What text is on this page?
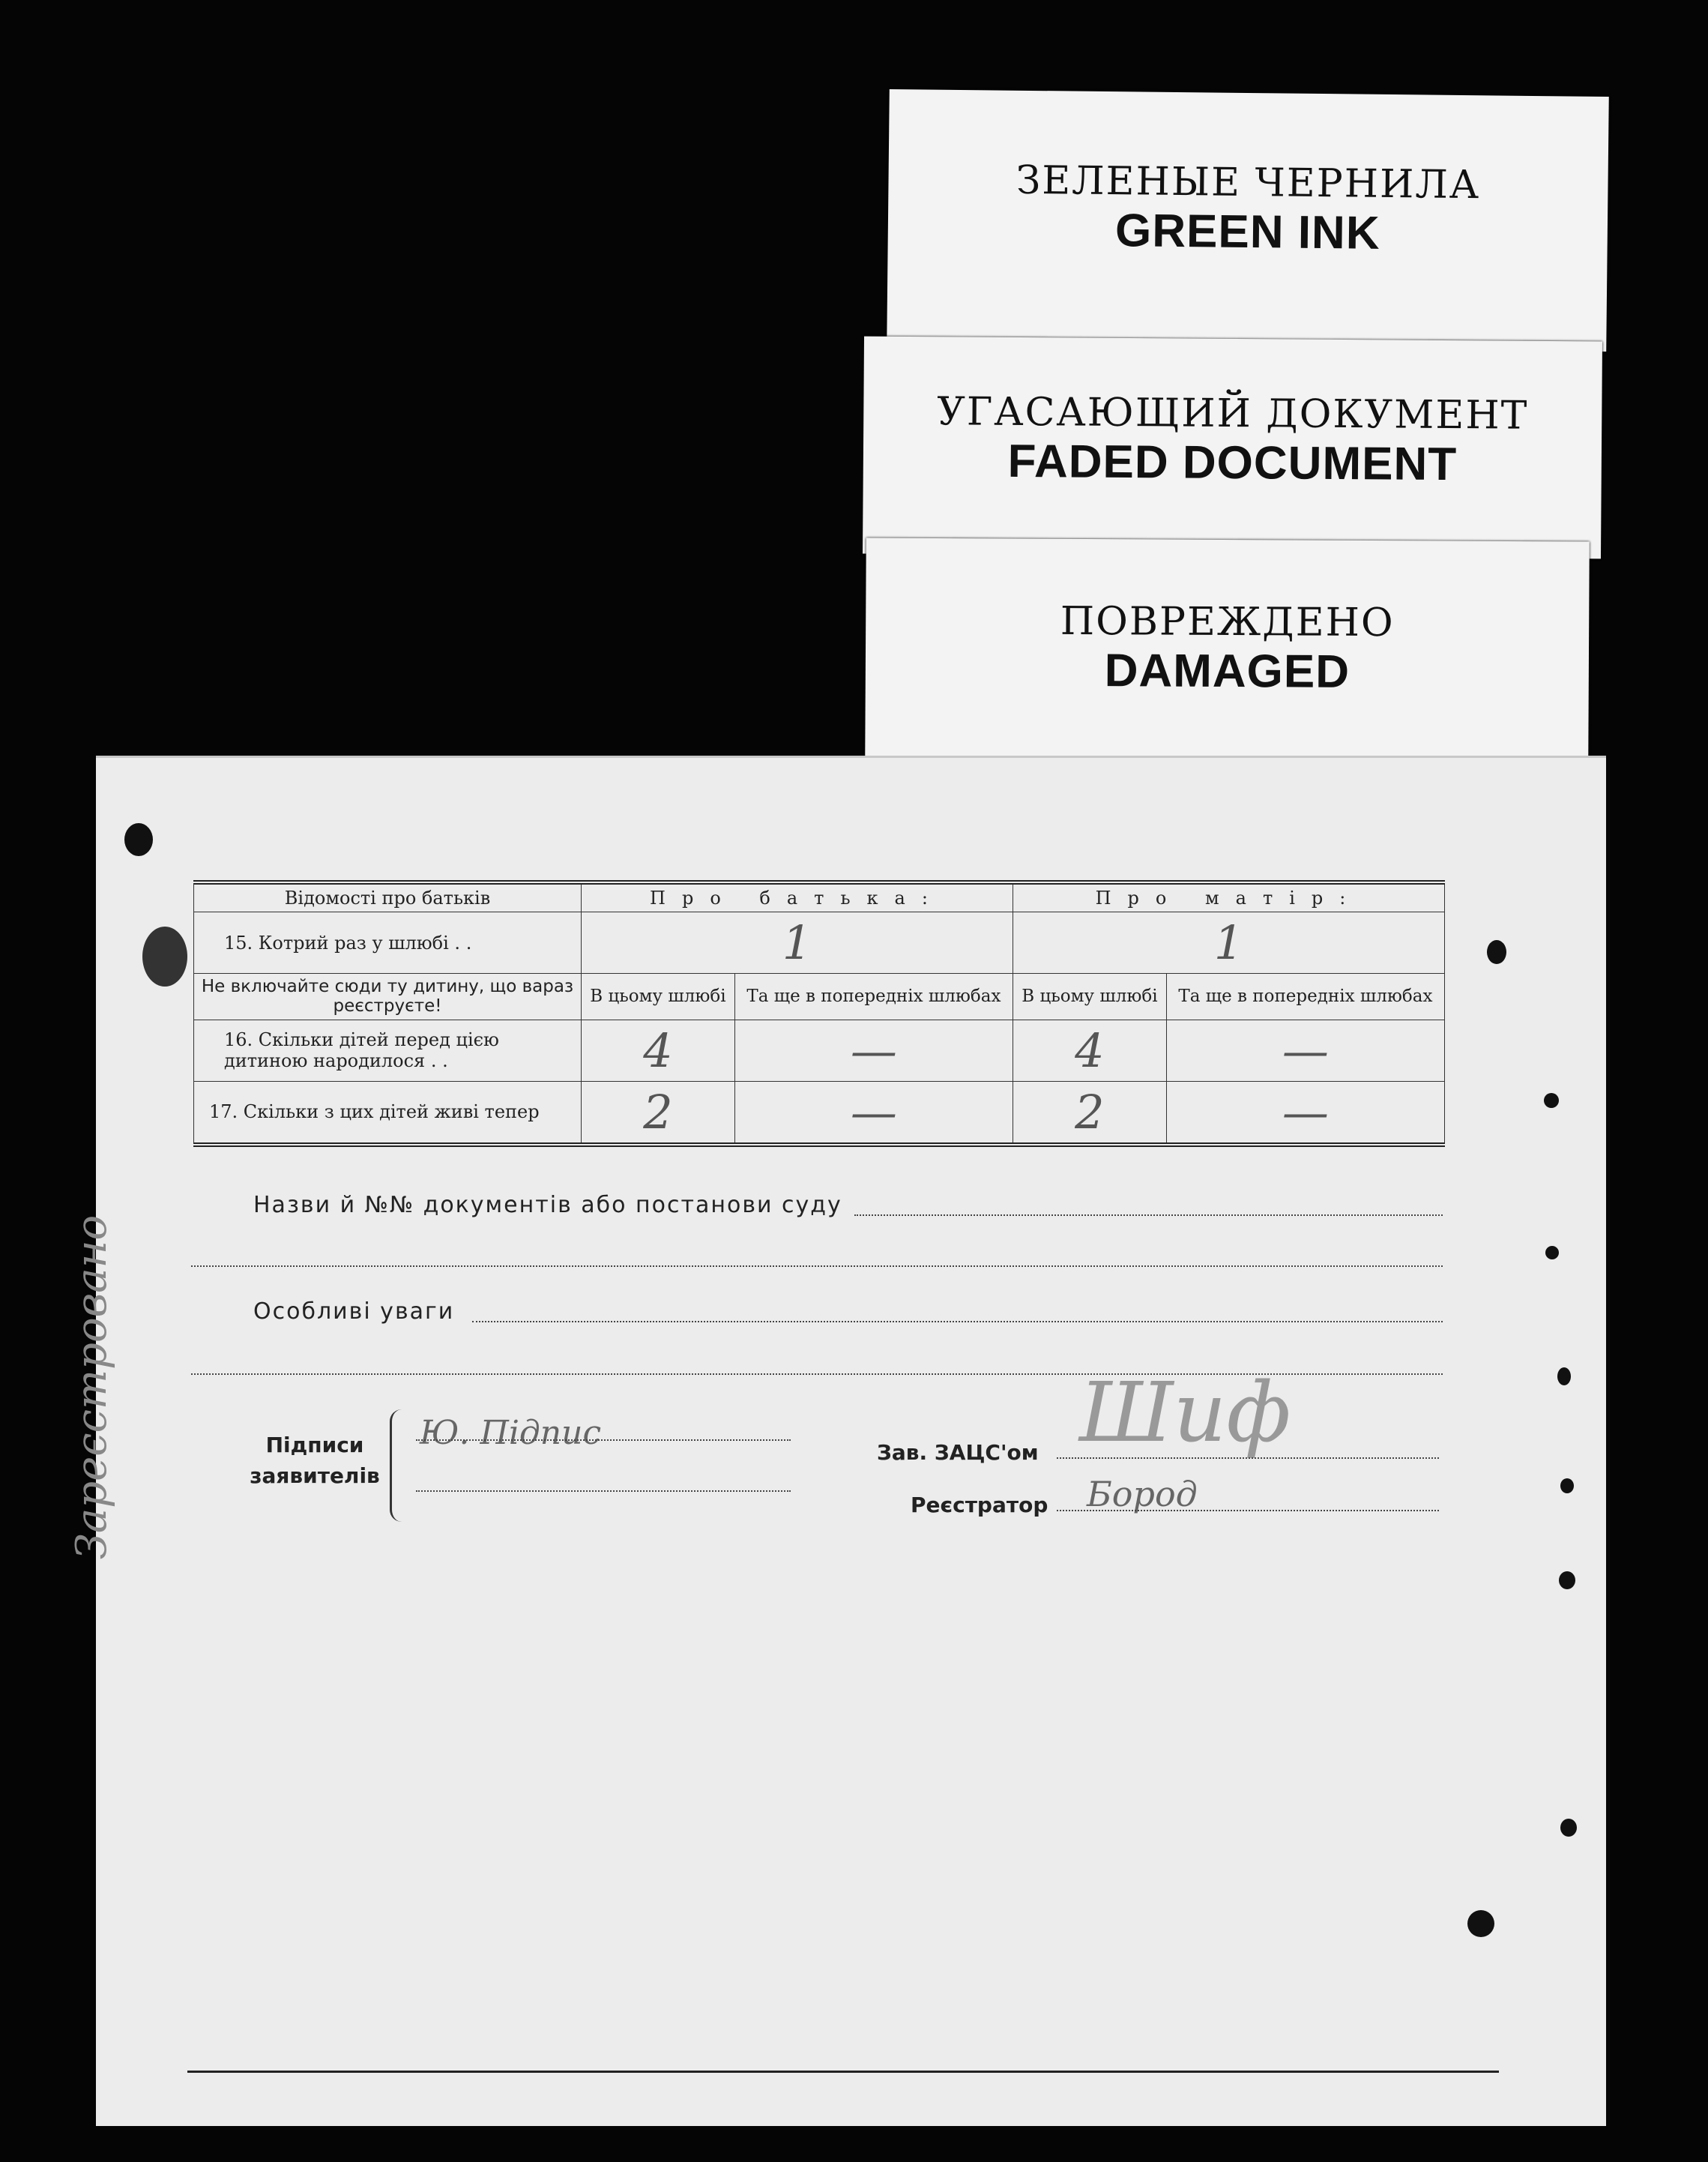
ЗЕЛЕНЫЕ ЧЕРНИЛА
GREEN INK
УГАСАЮЩИЙ ДОКУМЕНТ
FADED DOCUMENT
ПОВРЕЖДЕНО
DAMAGED
Зареєстровано
Відомості про батьків	Про батька:		Про матір:	
15. Котрий раз у шлюбі . .	1		1	
Не включайте сюди ту дитину, що вараз реєструєте!	В цьому шлюбі	Та ще в попередніх шлюбах	В цьому шлюбі	Та ще в попередніх шлюбах
16. Скільки дітей перед цією дитиною народилося . .	4	—	4	—
17. Скільки з цих дітей живі тепер	2	—	2	—
Назви й №№ документів або постанови суду
Особливі уваги
Підписи
заявителів
Ю. Підпис
Зав. ЗАЦС'ом Шиф
Реєстратор Бород
